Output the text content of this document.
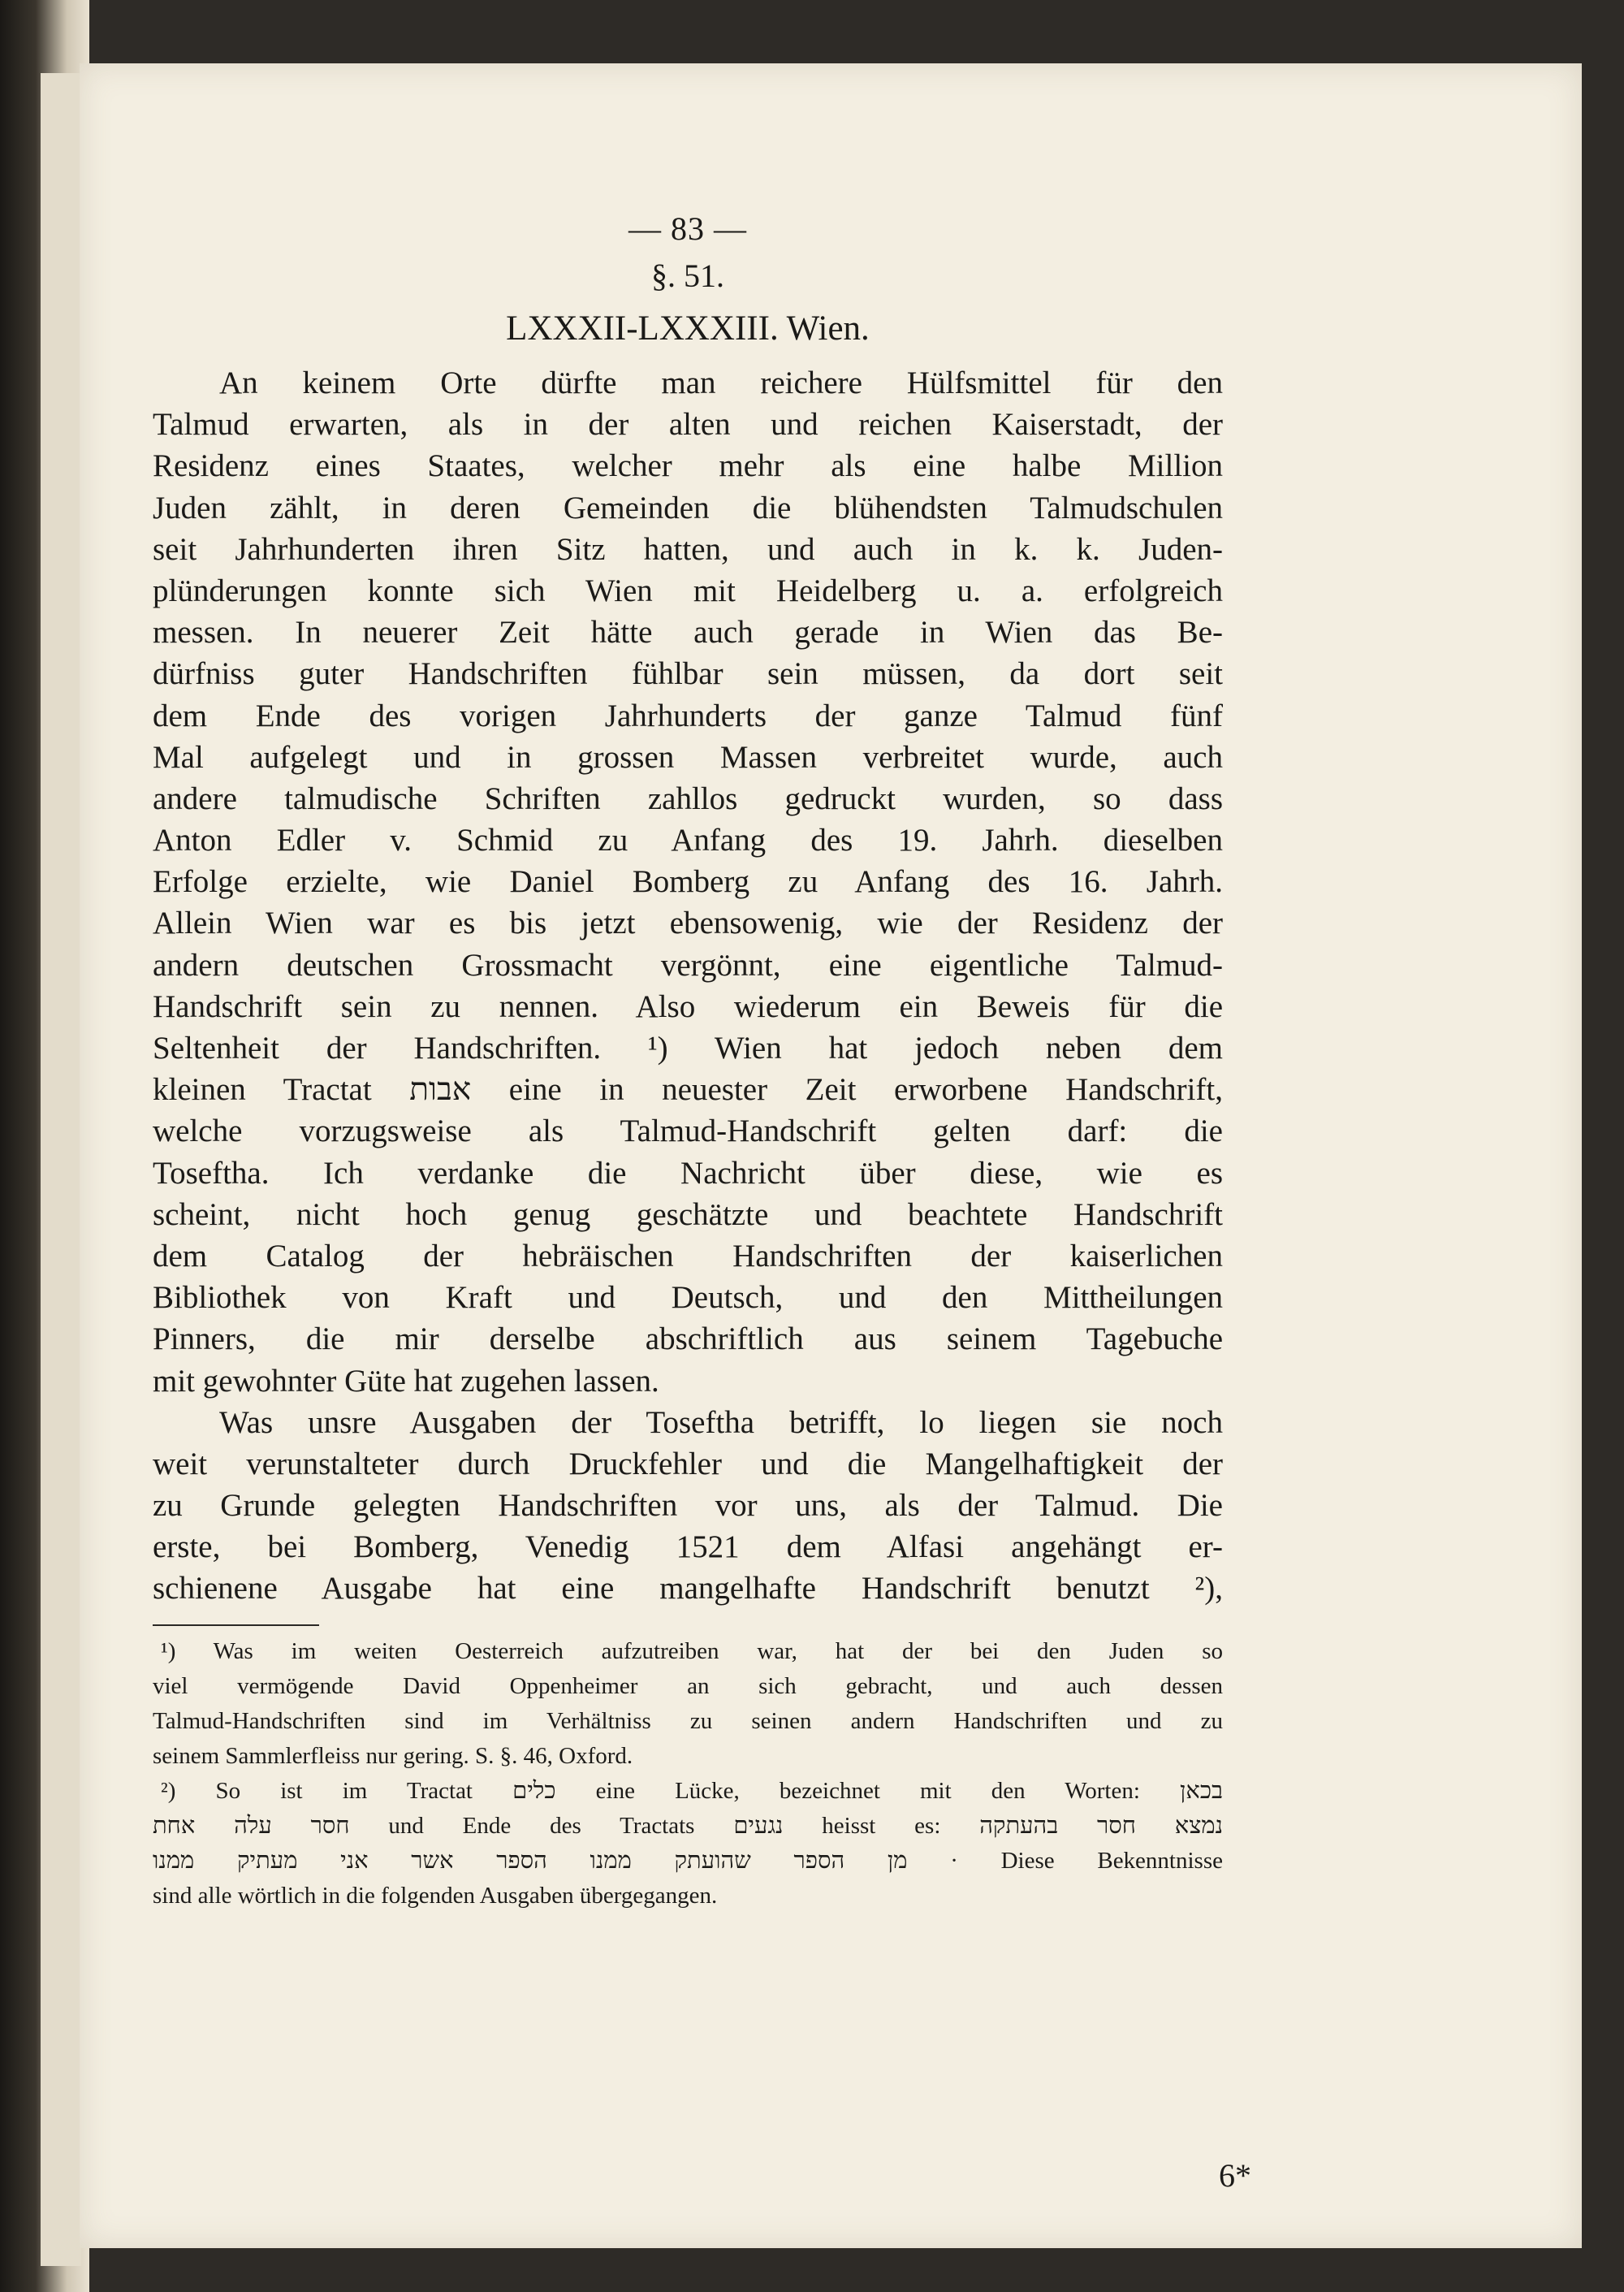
— 83 —
§. 51.
LXXXII-LXXXIII. Wien.
An keinem Orte dürfte man reichere Hülfsmittel für den
Talmud erwarten, als in der alten und reichen Kaiserstadt, der
Residenz eines Staates, welcher mehr als eine halbe Million
Juden zählt, in deren Gemeinden die blühendsten Talmudschulen
seit Jahrhunderten ihren Sitz hatten, und auch in k. k. Juden-
plünderungen konnte sich Wien mit Heidelberg u. a. erfolgreich
messen. In neuerer Zeit hätte auch gerade in Wien das Be-
dürfniss guter Handschriften fühlbar sein müssen, da dort seit
dem Ende des vorigen Jahrhunderts der ganze Talmud fünf
Mal aufgelegt und in grossen Massen verbreitet wurde, auch
andere talmudische Schriften zahllos gedruckt wurden, so dass
Anton Edler v. Schmid zu Anfang des 19. Jahrh. dieselben
Erfolge erzielte, wie Daniel Bomberg zu Anfang des 16. Jahrh.
Allein Wien war es bis jetzt ebensowenig, wie der Residenz der
andern deutschen Grossmacht vergönnt, eine eigentliche Talmud-
Handschrift sein zu nennen. Also wiederum ein Beweis für die
Seltenheit der Handschriften. ¹) Wien hat jedoch neben dem
kleinen Tractat אבות eine in neuester Zeit erworbene Handschrift,
welche vorzugsweise als Talmud-Handschrift gelten darf: die
Toseftha. Ich verdanke die Nachricht über diese, wie es
scheint, nicht hoch genug geschätzte und beachtete Handschrift
dem Catalog der hebräischen Handschriften der kaiserlichen
Bibliothek von Kraft und Deutsch, und den Mittheilungen
Pinners, die mir derselbe abschriftlich aus seinem Tagebuche
mit gewohnter Güte hat zugehen lassen.
Was unsre Ausgaben der Toseftha betrifft, lo liegen sie noch
weit verunstalteter durch Druckfehler und die Mangelhaftigkeit der
zu Grunde gelegten Handschriften vor uns, als der Talmud. Die
erste, bei Bomberg, Venedig 1521 dem Alfasi angehängt er-
schienene Ausgabe hat eine mangelhafte Handschrift benutzt ²),
¹) Was im weiten Oesterreich aufzutreiben war, hat der bei den Juden so
viel vermögende David Oppenheimer an sich gebracht, und auch dessen
Talmud-Handschriften sind im Verhältniss zu seinen andern Handschriften und zu
seinem Sammlerfleiss nur gering. S. §. 46, Oxford.
²) So ist im Tractat כלים eine Lücke, bezeichnet mit den Worten: בכאן
חסר עלה אחת und Ende des Tractats נגעים heisst es: נמצא חסר בהעתקה
מן הספר שהועתק ממנו הספר אשר אני מעתיק ממנו · Diese Bekenntnisse
sind alle wörtlich in die folgenden Ausgaben übergegangen.
6*
